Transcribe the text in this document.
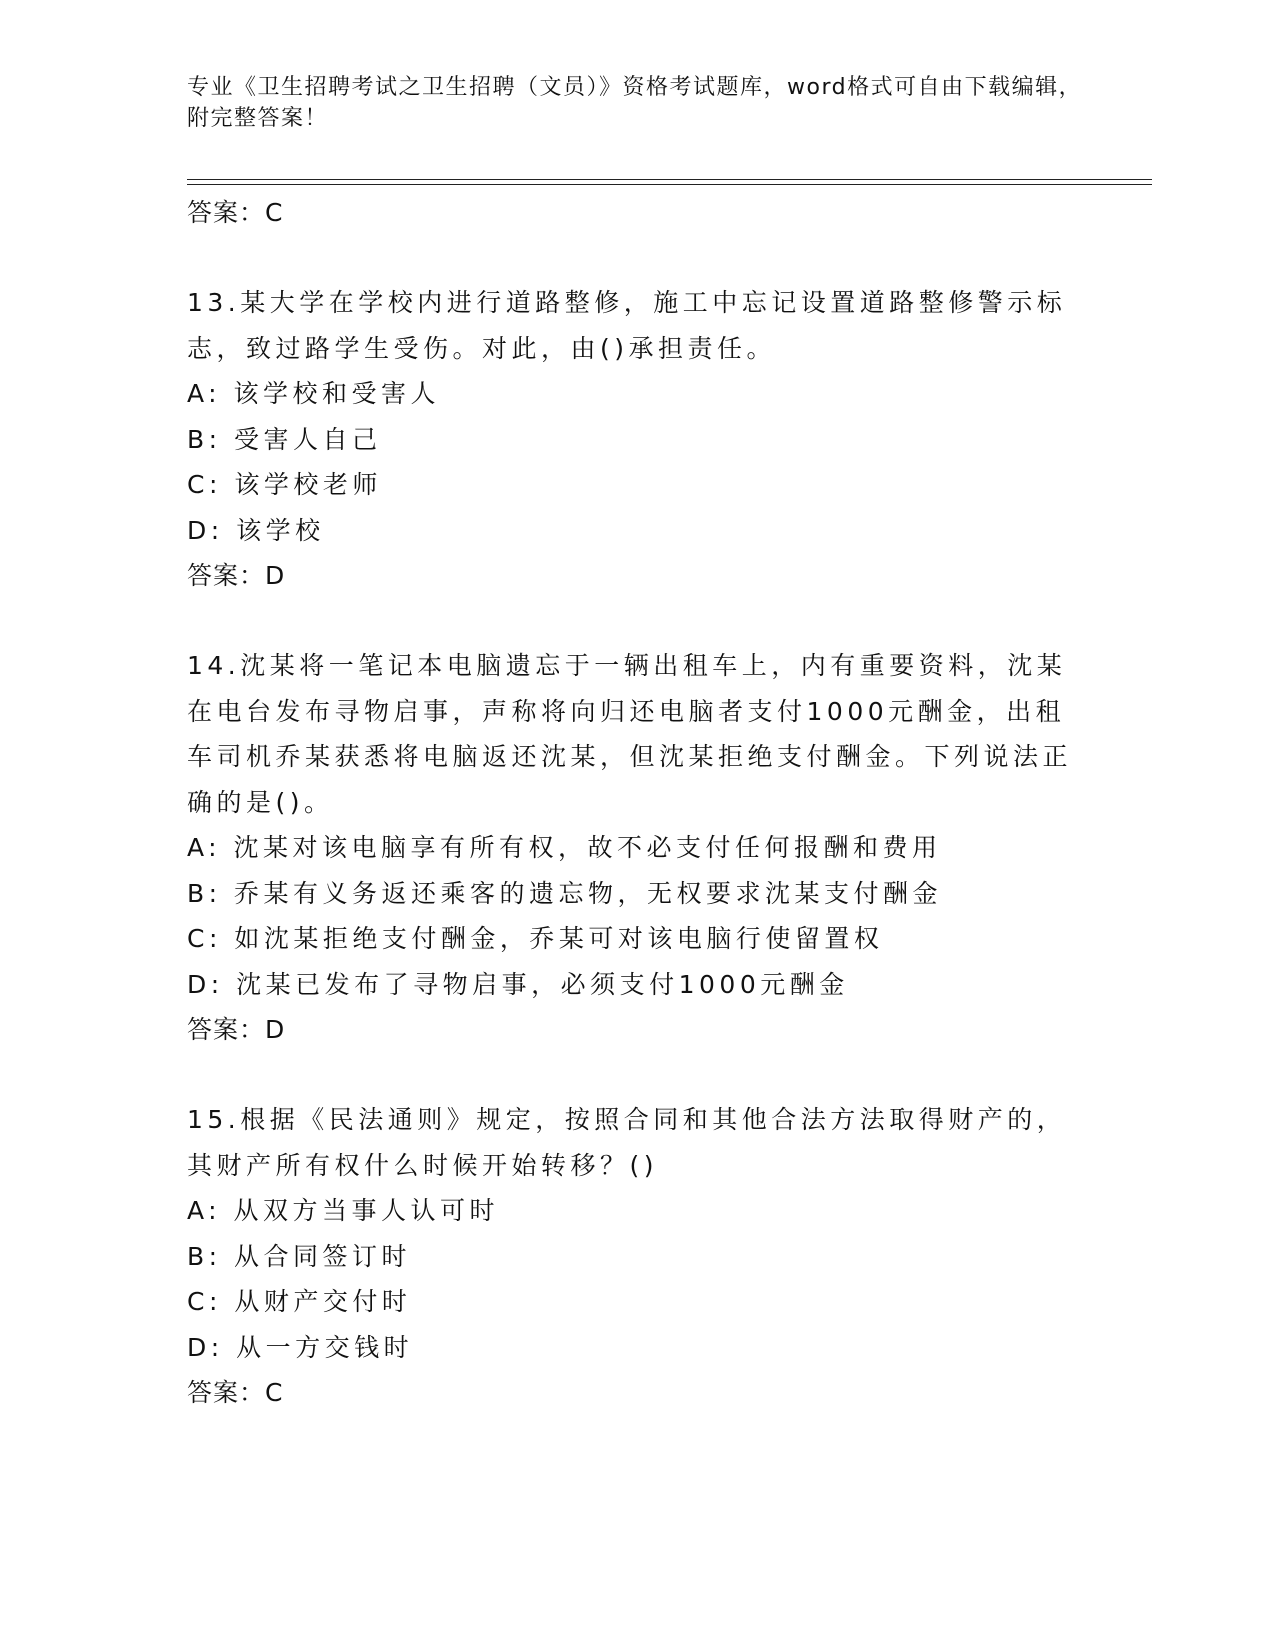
专业《卫生招聘考试之卫生招聘（文员）》资格考试题库，word格式可自由下载编辑，附完整答案！
答案：C
13.某大学在学校内进行道路整修，施工中忘记设置道路整修警示标志，致过路学生受伤。对此，由()承担责任。
A: 该学校和受害人
B: 受害人自己
C: 该学校老师
D: 该学校
答案：D
14.沈某将一笔记本电脑遗忘于一辆出租车上，内有重要资料，沈某在电台发布寻物启事，声称将向归还电脑者支付1000元酬金，出租车司机乔某获悉将电脑返还沈某，但沈某拒绝支付酬金。下列说法正确的是()。
A: 沈某对该电脑享有所有权，故不必支付任何报酬和费用
B: 乔某有义务返还乘客的遗忘物，无权要求沈某支付酬金
C: 如沈某拒绝支付酬金，乔某可对该电脑行使留置权
D: 沈某已发布了寻物启事，必须支付1000元酬金
答案：D
15.根据《民法通则》规定，按照合同和其他合法方法取得财产的，其财产所有权什么时候开始转移？()
A: 从双方当事人认可时
B: 从合同签订时
C: 从财产交付时
D: 从一方交钱时
答案：C
